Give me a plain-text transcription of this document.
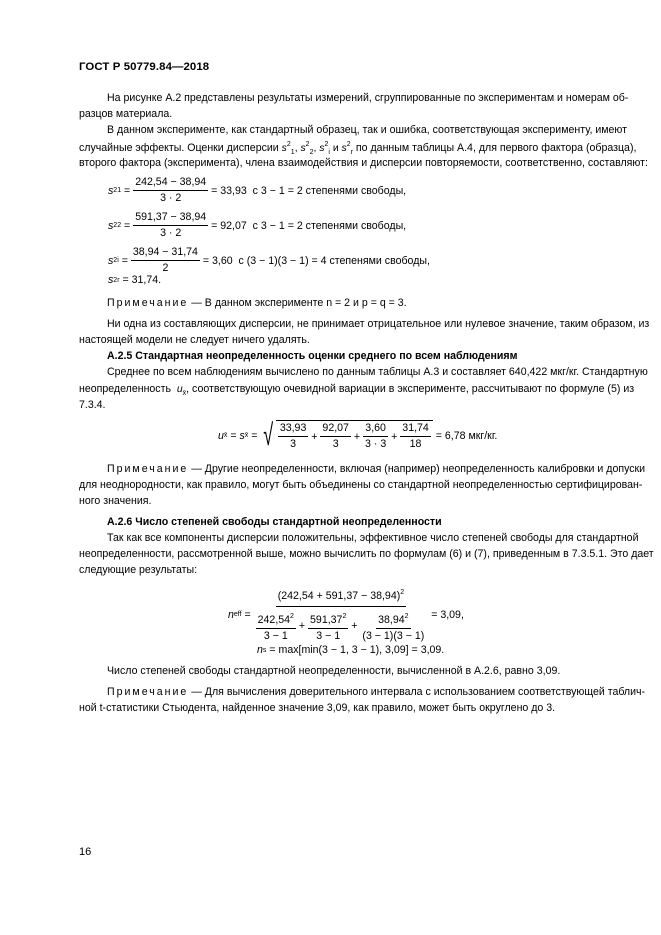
ГОСТ Р 50779.84—2018
На рисунке А.2 представлены результаты измерений, сгруппированные по экспериментам и номерам об-
разцов материала.
В данном эксперименте, как стандартный образец, так и ошибка, соответствующая эксперименту, имеют
случайные эффекты. Оценки дисперсии $s^2_1$, $s^2_2$, $s^2_i$ и $s^2_r$ по данным таблицы А.4, для первого фактора (образца),
второго фактора (эксперимента), члена взаимодействия и дисперсии повторяемости, соответственно, составляют:
s 2 $1 = \frac{242,54 - 38,94}{3 \cdot 2}$
= 33,93
с 3 − 1 = 2 степенями свободы,
s 2 $2 = \frac{591,37 - 38,94}{3 \cdot 2}$
= 92,07
с 3 − 1 = 2 степенями свободы,
s 2 $i = \frac{38,94 - 31,74}{2}$
= 3,60
с (3 − 1)(3 − 1) = 4 степенями свободы,
s 2 r
= 31,74.
Примечание — В данном эксперименте n = 2 и p = q = 3.
Ни одна из составляющих дисперсии, не принимает отрицательное или нулевое значение, таким образом, из
настоящей модели не следует ничего удалять.
А.2.5 Стандартная неопределенность оценки среднего по всем наблюдениям
Среднее по всем наблюдениям вычислено по данным таблицы А.3 и составляет 640,422 мкг/кг. Стандартную
неопределенность $u_{x̄}$, соответствующую очевидной вариации в эксперименте, рассчитывают по формуле (5) из
7.3.4.
u x̄ = s x̄ = √ $\frac{33,93}{3} + \frac{92,07}{3} + \frac{3,60}{3 \cdot 3} + \frac{31,74}{18}$
= 6,78 мкг/кг.
Примечание — Другие неопределенности, включая (например) неопределенность калибровки и допуски
для неоднородности, как правило, могут быть объединены со стандартной неопределенностью сертифицирован-
ного значения.
А.2.6 Число степеней свободы стандартной неопределенности
Так как все компоненты дисперсии положительны, эффективное число степеней свободы для стандартной
неопределенности, рассмотренной выше, можно вычислить по формулам (6) и (7), приведенным в 7.3.5.1. Это дает
следующие результаты:
n eff =
$(242,54 + 591,37 - 38,94)^2$
$\frac{242,54^2}{3 - 1} + \frac{591,37^2}{3 - 1} + \frac{38,94^2}{(3 - 1)(3 - 1)}$
= 3,09,
n s
= max[min(3 − 1, 3 − 1), 3,09] = 3,09.
Число степеней свободы стандартной неопределенности, вычисленной в А.2.6, равно 3,09.
Примечание — Для вычисления доверительного интервала с использованием соответствующей таблич-
ной t-статистики Стьюдента, найденное значение 3,09, как правило, может быть округлено до 3.
16
